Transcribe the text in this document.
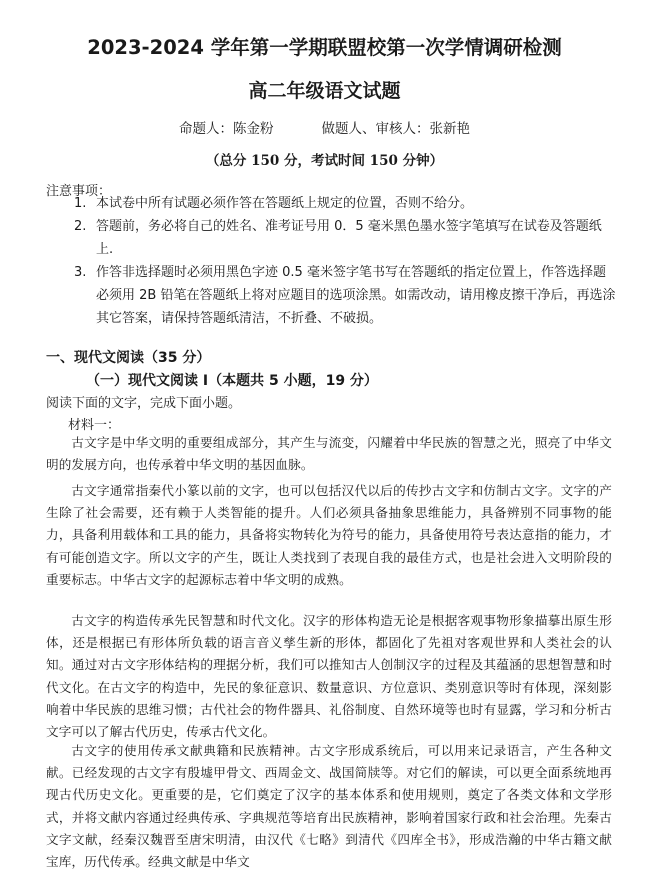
2023-2024 学年第一学期联盟校第一次学情调研检测
高二年级语文试题
命题人：陈金粉	做题人、审核人：张新艳
（总分 150 分，考试时间 150 分钟）
注意事项：
1. 本试卷中所有试题必须作答在答题纸上规定的位置，否则不给分。
2. 答题前，务必将自己的姓名、准考证号用 0．5 毫米黑色墨水签字笔填写在试卷及答题纸上.
3. 作答非选择题时必须用黑色字迹 0.5 毫米签字笔书写在答题纸的指定位置上，作答选择题必须用 2B 铅笔在答题纸上将对应题目的选项涂黑。如需改动，请用橡皮擦干净后，再选涂其它答案，请保持答题纸清洁，不折叠、不破损。
一、现代文阅读（35 分）
（一）现代文阅读 I（本题共 5 小题，19 分）
阅读下面的文字，完成下面小题。
材料一：
古文字是中华文明的重要组成部分，其产生与流变，闪耀着中华民族的智慧之光，照亮了中华文明的发展方向，也传承着中华文明的基因血脉。
古文字通常指秦代小篆以前的文字，也可以包括汉代以后的传抄古文字和仿制古文字。文字的产生除了社会需要，还有赖于人类智能的提升。人们必须具备抽象思维能力，具备辨别不同事物的能力，具备利用载体和工具的能力，具备将实物转化为符号的能力，具备使用符号表达意指的能力，才有可能创造文字。所以文字的产生，既让人类找到了表现自我的最佳方式，也是社会进入文明阶段的重要标志。中华古文字的起源标志着中华文明的成熟。
古文字的构造传承先民智慧和时代文化。汉字的形体构造无论是根据客观事物形象描摹出原生形体，还是根据已有形体所负载的语言音义孳生新的形体，都固化了先祖对客观世界和人类社会的认知。通过对古文字形体结构的理据分析，我们可以推知古人创制汉字的过程及其蕴涵的思想智慧和时代文化。在古文字的构造中，先民的象征意识、数量意识、方位意识、类别意识等时有体现，深刻影响着中华民族的思维习惯；古代社会的物件器具、礼俗制度、自然环境等也时有显露，学习和分析古文字可以了解古代历史，传承古代文化。
古文字的使用传承文献典籍和民族精神。古文字形成系统后，可以用来记录语言，产生各种文献。已经发现的古文字有殷墟甲骨文、西周金文、战国简牍等。对它们的解读，可以更全面系统地再现古代历史文化。更重要的是，它们奠定了汉字的基本体系和使用规则，奠定了各类文体和文学形式，并将文献内容通过经典传承、字典规范等培育出民族精神，影响着国家行政和社会治理。先秦古文字文献，经秦汉魏晋至唐宋明清，由汉代《七略》到清代《四库全书》，形成浩瀚的中华古籍文献宝库，历代传承。经典文献是中华文
